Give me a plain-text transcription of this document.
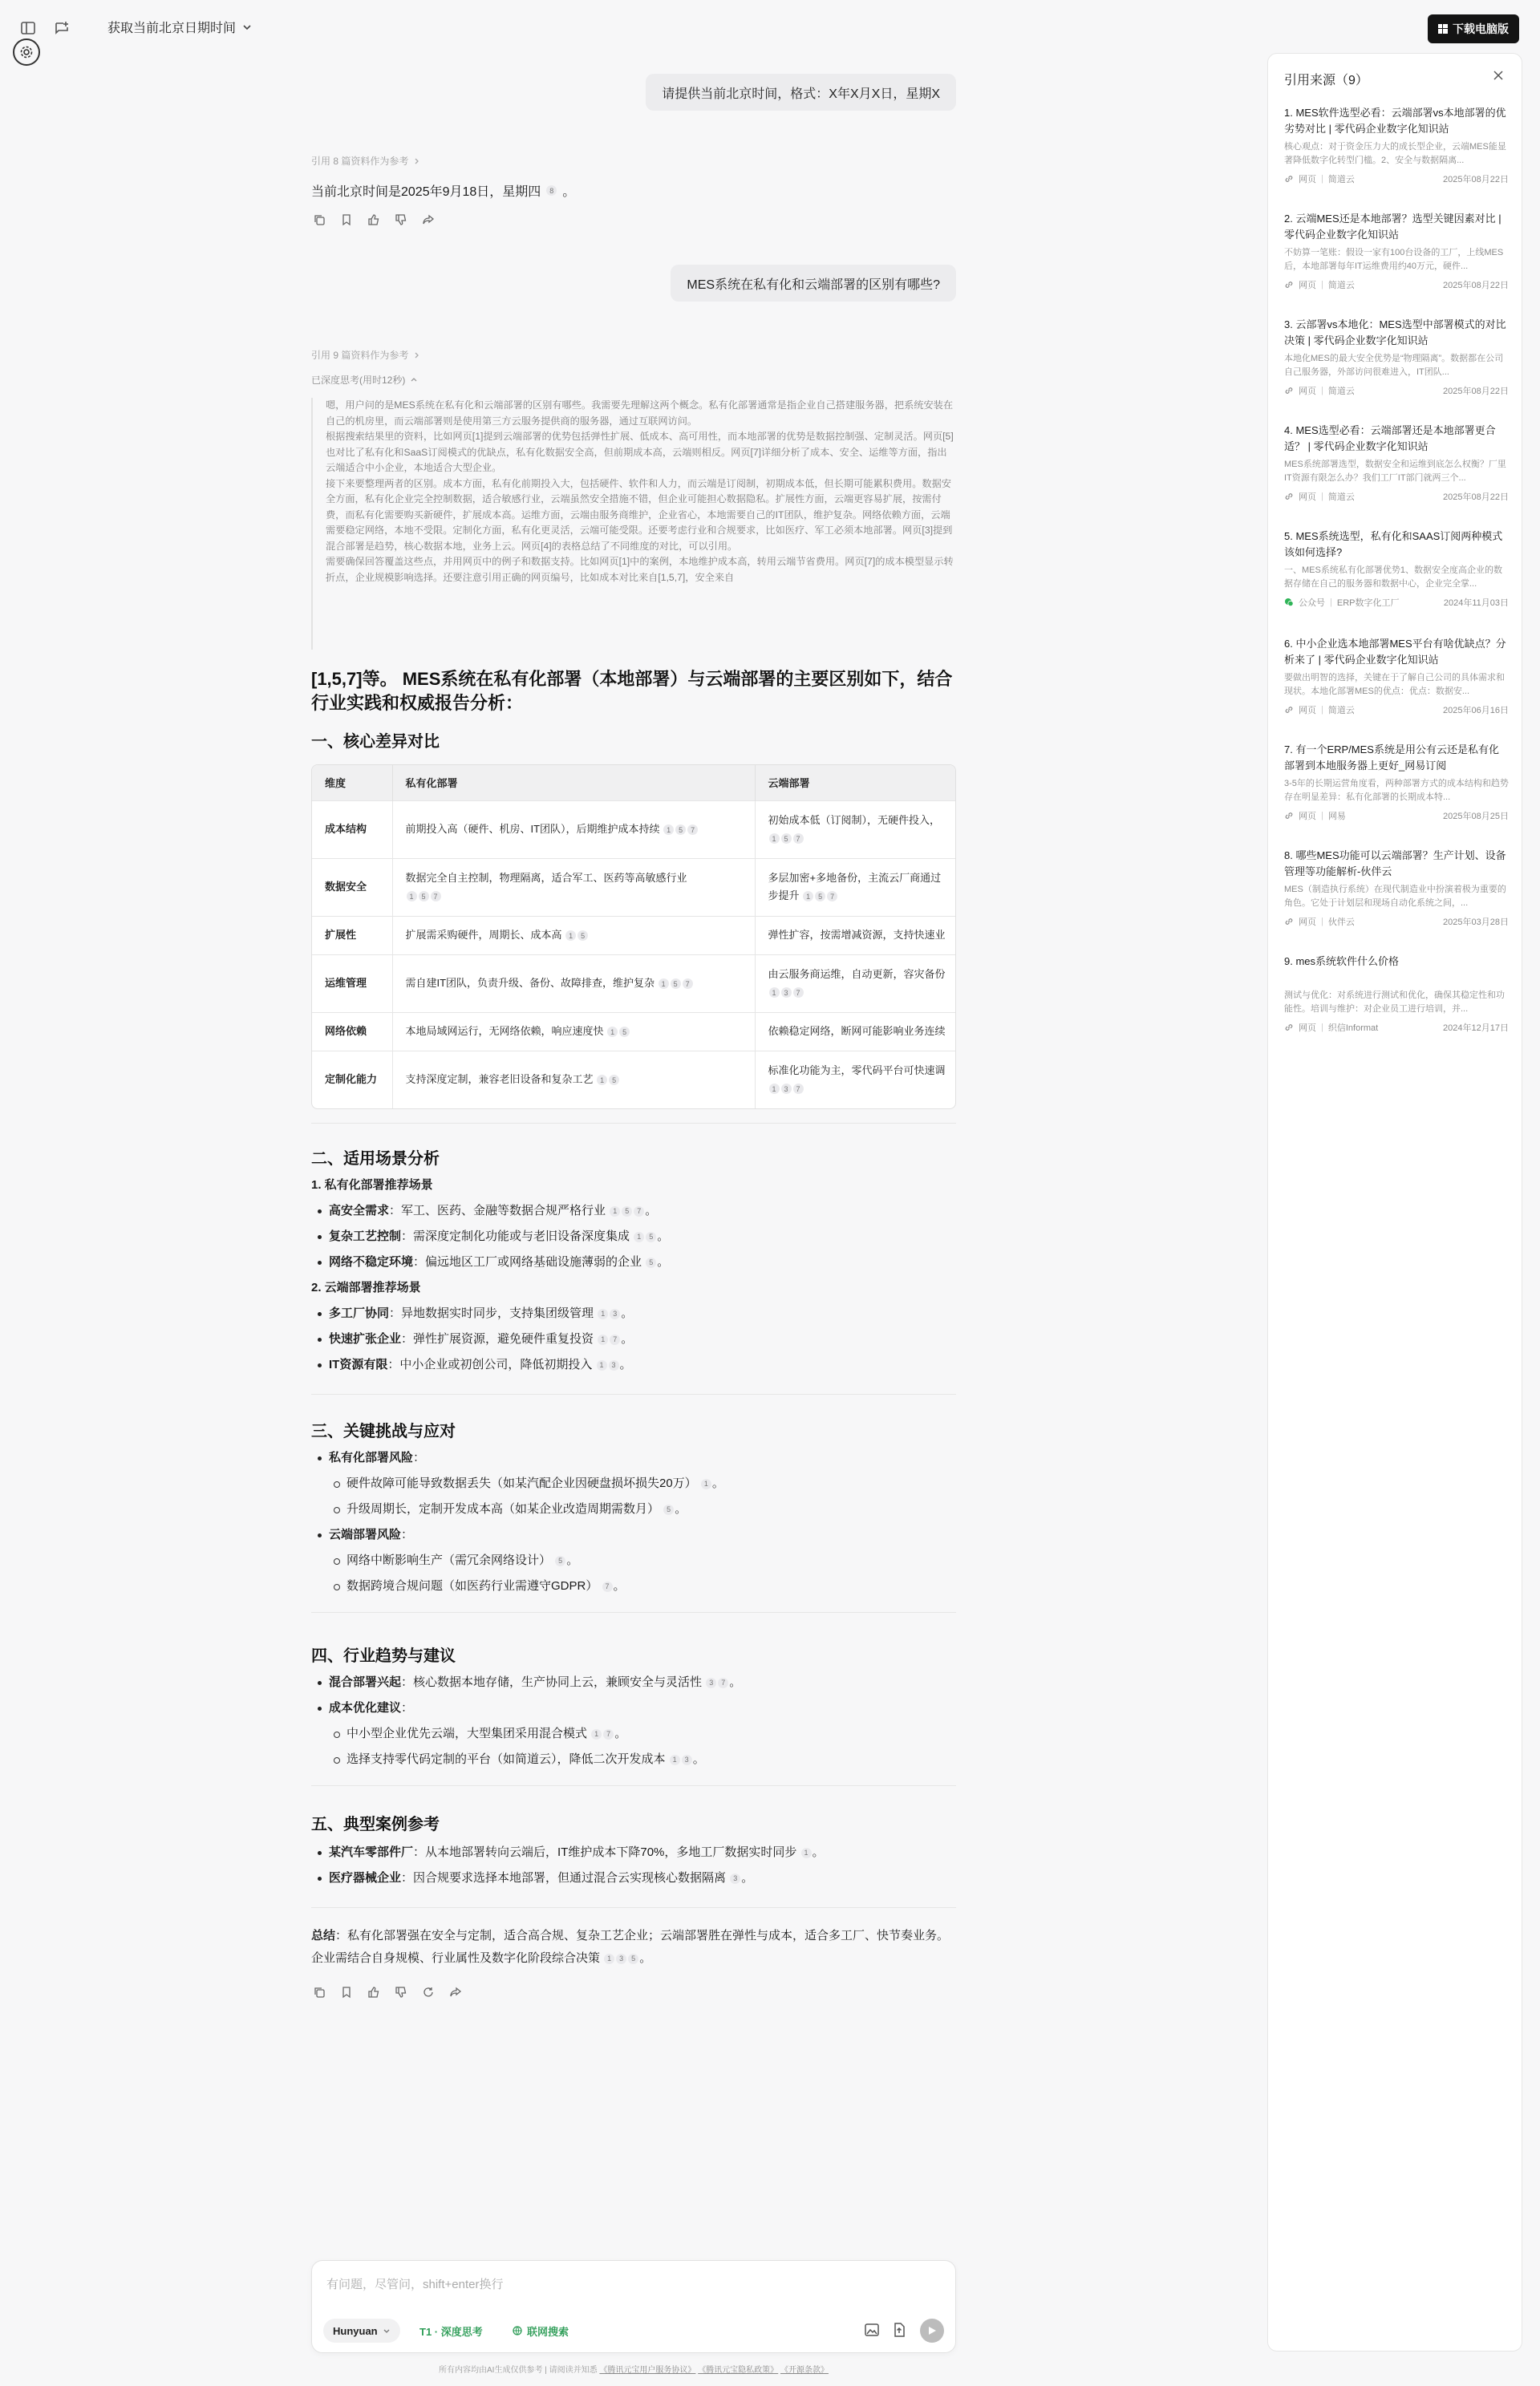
获取当前北京日期时间	下载电脑版
请提供当前北京时间，格式：X年X月X日，星期X
引用 8 篇资料作为参考
当前北京时间是2025年9月18日，星期四	8 。
MES系统在私有化和云端部署的区别有哪些?
引用 9 篇资料作为参考
已深度思考(用时12秒)

嗯，用户问的是MES系统在私有化和云端部署的区别有哪些。我需要先理解这两个概念。私有化部署通常是指企业自己搭建服务器，把系统安装在自己的机房里，而云端部署则是使用第三方云服务提供商的服务器，通过互联网访问。

根据搜索结果里的资料，比如网页[1]提到云端部署的优势包括弹性扩展、低成本、高可用性，而本地部署的优势是数据控制强、定制灵活。网页[5]也对比了私有化和SaaS订阅模式的优缺点，私有化数据安全高，但前期成本高，云端则相反。网页[7]详细分析了成本、安全、运维等方面，指出云端适合中小企业，本地适合大型企业。

接下来要整理两者的区别。成本方面，私有化前期投入大，包括硬件、软件和人力，而云端是订阅制，初期成本低，但长期可能累积费用。数据安全方面，私有化企业完全控制数据，适合敏感行业，云端虽然安全措施不错，但企业可能担心数据隐私。扩展性方面，云端更容易扩展，按需付费，而私有化需要购买新硬件，扩展成本高。运维方面，云端由服务商维护，企业省心，本地需要自己的IT团队，维护复杂。网络依赖方面，云端需要稳定网络，本地不受限。定制化方面，私有化更灵活，云端可能受限。还要考虑行业和合规要求，比如医疗、军工必须本地部署。网页[3]提到混合部署是趋势，核心数据本地，业务上云。网页[4]的表格总结了不同维度的对比，可以引用。

需要确保回答覆盖这些点，并用网页中的例子和数据支持。比如网页[1]中的案例，本地维护成本高，转用云端节省费用。网页[7]的成本模型显示转折点，企业规模影响选择。还要注意引用正确的网页编号，比如成本对比来自[1,5,7]，安全来自

[1,5,7]等。 MES系统在私有化部署（本地部署）与云端部署的主要区别如下，结合行业实践和权威报告分析：
一、核心差异对比
维度	私有化部署	云端部署
成本结构	前期投入高（硬件、机房、IT团队），后期维护成本持续 1 5 7	初始成本低（订阅制），无硬件投入，
1 5 7
数据安全	数据完全自主控制，物理隔离，适合军工、医药等高敏感行业
1 5 7	多层加密+多地备份，主流云厂商通过
步提升 1 5 7
扩展性	扩展需采购硬件，周期长、成本高 1 5	弹性扩容，按需增减资源，支持快速业
运维管理	需自建IT团队，负责升级、备份、故障排查，维护复杂 1 5 7	由云服务商运维，自动更新，容灾备份
1 3 7
网络依赖	本地局域网运行，无网络依赖，响应速度快 1 5	依赖稳定网络，断网可能影响业务连续
定制化能力	支持深度定制，兼容老旧设备和复杂工艺 1 5	标准化功能为主，零代码平台可快速调
1 3 7
二、适用场景分析
1. 私有化部署推荐场景
高安全需求：军工、医药、金融等数据合规严格行业 1 5 7 。
复杂工艺控制：需深度定制化功能或与老旧设备深度集成 1 5 。
网络不稳定环境：偏远地区工厂或网络基础设施薄弱的企业 5 。
2. 云端部署推荐场景
多工厂协同：异地数据实时同步，支持集团级管理 1 3 。
快速扩张企业：弹性扩展资源，避免硬件重复投资 1 7 。
IT资源有限：中小企业或初创公司，降低初期投入 1 3 。
三、关键挑战与应对
私有化部署风险：
硬件故障可能导致数据丢失（如某汽配企业因硬盘损坏损失20万） 1 。
升级周期长，定制开发成本高（如某企业改造周期需数月） 5 。
云端部署风险：
网络中断影响生产（需冗余网络设计） 5 。
数据跨境合规问题（如医药行业需遵守GDPR） 7 。
四、行业趋势与建议
混合部署兴起：核心数据本地存储，生产协同上云，兼顾安全与灵活性 3 7 。
成本优化建议：
中小型企业优先云端，大型集团采用混合模式 1 7 。
选择支持零代码定制的平台（如简道云），降低二次开发成本 1 3 。
五、典型案例参考
某汽车零部件厂：从本地部署转向云端后，IT维护成本下降70%，多地工厂数据实时同步 1 。
医疗器械企业：因合规要求选择本地部署，但通过混合云实现核心数据隔离 3 。
总结：私有化部署强在安全与定制，适合高合规、复杂工艺企业；云端部署胜在弹性与成本，适合多工厂、快节奏业务。企业需结合自身规模、行业属性及数字化阶段综合决策 1 3 5 。
有问题，尽管问，shift+enter换行
Hunyuan	T1 · 深度思考	联网搜索
所有内容均由AI生成仅供参考 | 请阅读并知悉 《腾讯元宝用户服务协议》 《腾讯元宝隐私政策》 《开源条款》
引用来源（9）
1. MES软件选型必看：云端部署vs本地部署的优劣势对比 | 零代码企业数字化知识站
核心观点：对于资金压力大的成长型企业，云端MES能显著降低数字化转型门槛。2、安全与数据隔离...
网页 | 简道云	2025年08月22日
2. 云端MES还是本地部署？选型关键因素对比 | 零代码企业数字化知识站
不妨算一笔账：假设一家有100台设备的工厂，上线MES后，本地部署每年IT运维费用约40万元，硬件...
网页 | 简道云	2025年08月22日
3. 云部署vs本地化：MES选型中部署模式的对比决策 | 零代码企业数字化知识站
本地化MES的最大安全优势是“物理隔离”。数据都在公司自己服务器，外部访问很难进入，IT团队...
网页 | 简道云	2025年08月22日
4. MES选型必看：云端部署还是本地部署更合适？ | 零代码企业数字化知识站
MES系统部署选型，数据安全和运维到底怎么权衡？厂里IT资源有限怎么办？我们工厂IT部门就两三个...
网页 | 简道云	2025年08月22日
5. MES系统选型，私有化和SAAS订阅两种模式该如何选择?
一、MES系统私有化部署优势1、数据安全度高企业的数据存储在自己的服务器和数据中心，企业完全掌...
公众号 | ERP数字化工厂	2024年11月03日
6. 中小企业选本地部署MES平台有啥优缺点？分析来了 | 零代码企业数字化知识站
要做出明智的选择，关键在于了解自己公司的具体需求和现状。本地化部署MES的优点：优点：数据安...
网页 | 简道云	2025年06月16日
7. 有一个ERP/MES系统是用公有云还是私有化部署到本地服务器上更好_网易订阅
3-5年的长期运营角度看，两种部署方式的成本结构和趋势存在明显差异：私有化部署的长期成本特...
网页 | 网易	2025年08月25日
8. 哪些MES功能可以云端部署？生产计划、设备管理等功能解析-伙伴云
MES（制造执行系统）在现代制造业中扮演着极为重要的角色。它处于计划层和现场自动化系统之间，...
网页 | 伙伴云	2025年03月28日
9. mes系统软件什么价格
测试与优化：对系统进行测试和优化，确保其稳定性和功能性。培训与维护：对企业员工进行培训，并...
网页 | 织信Informat	2024年12月17日
